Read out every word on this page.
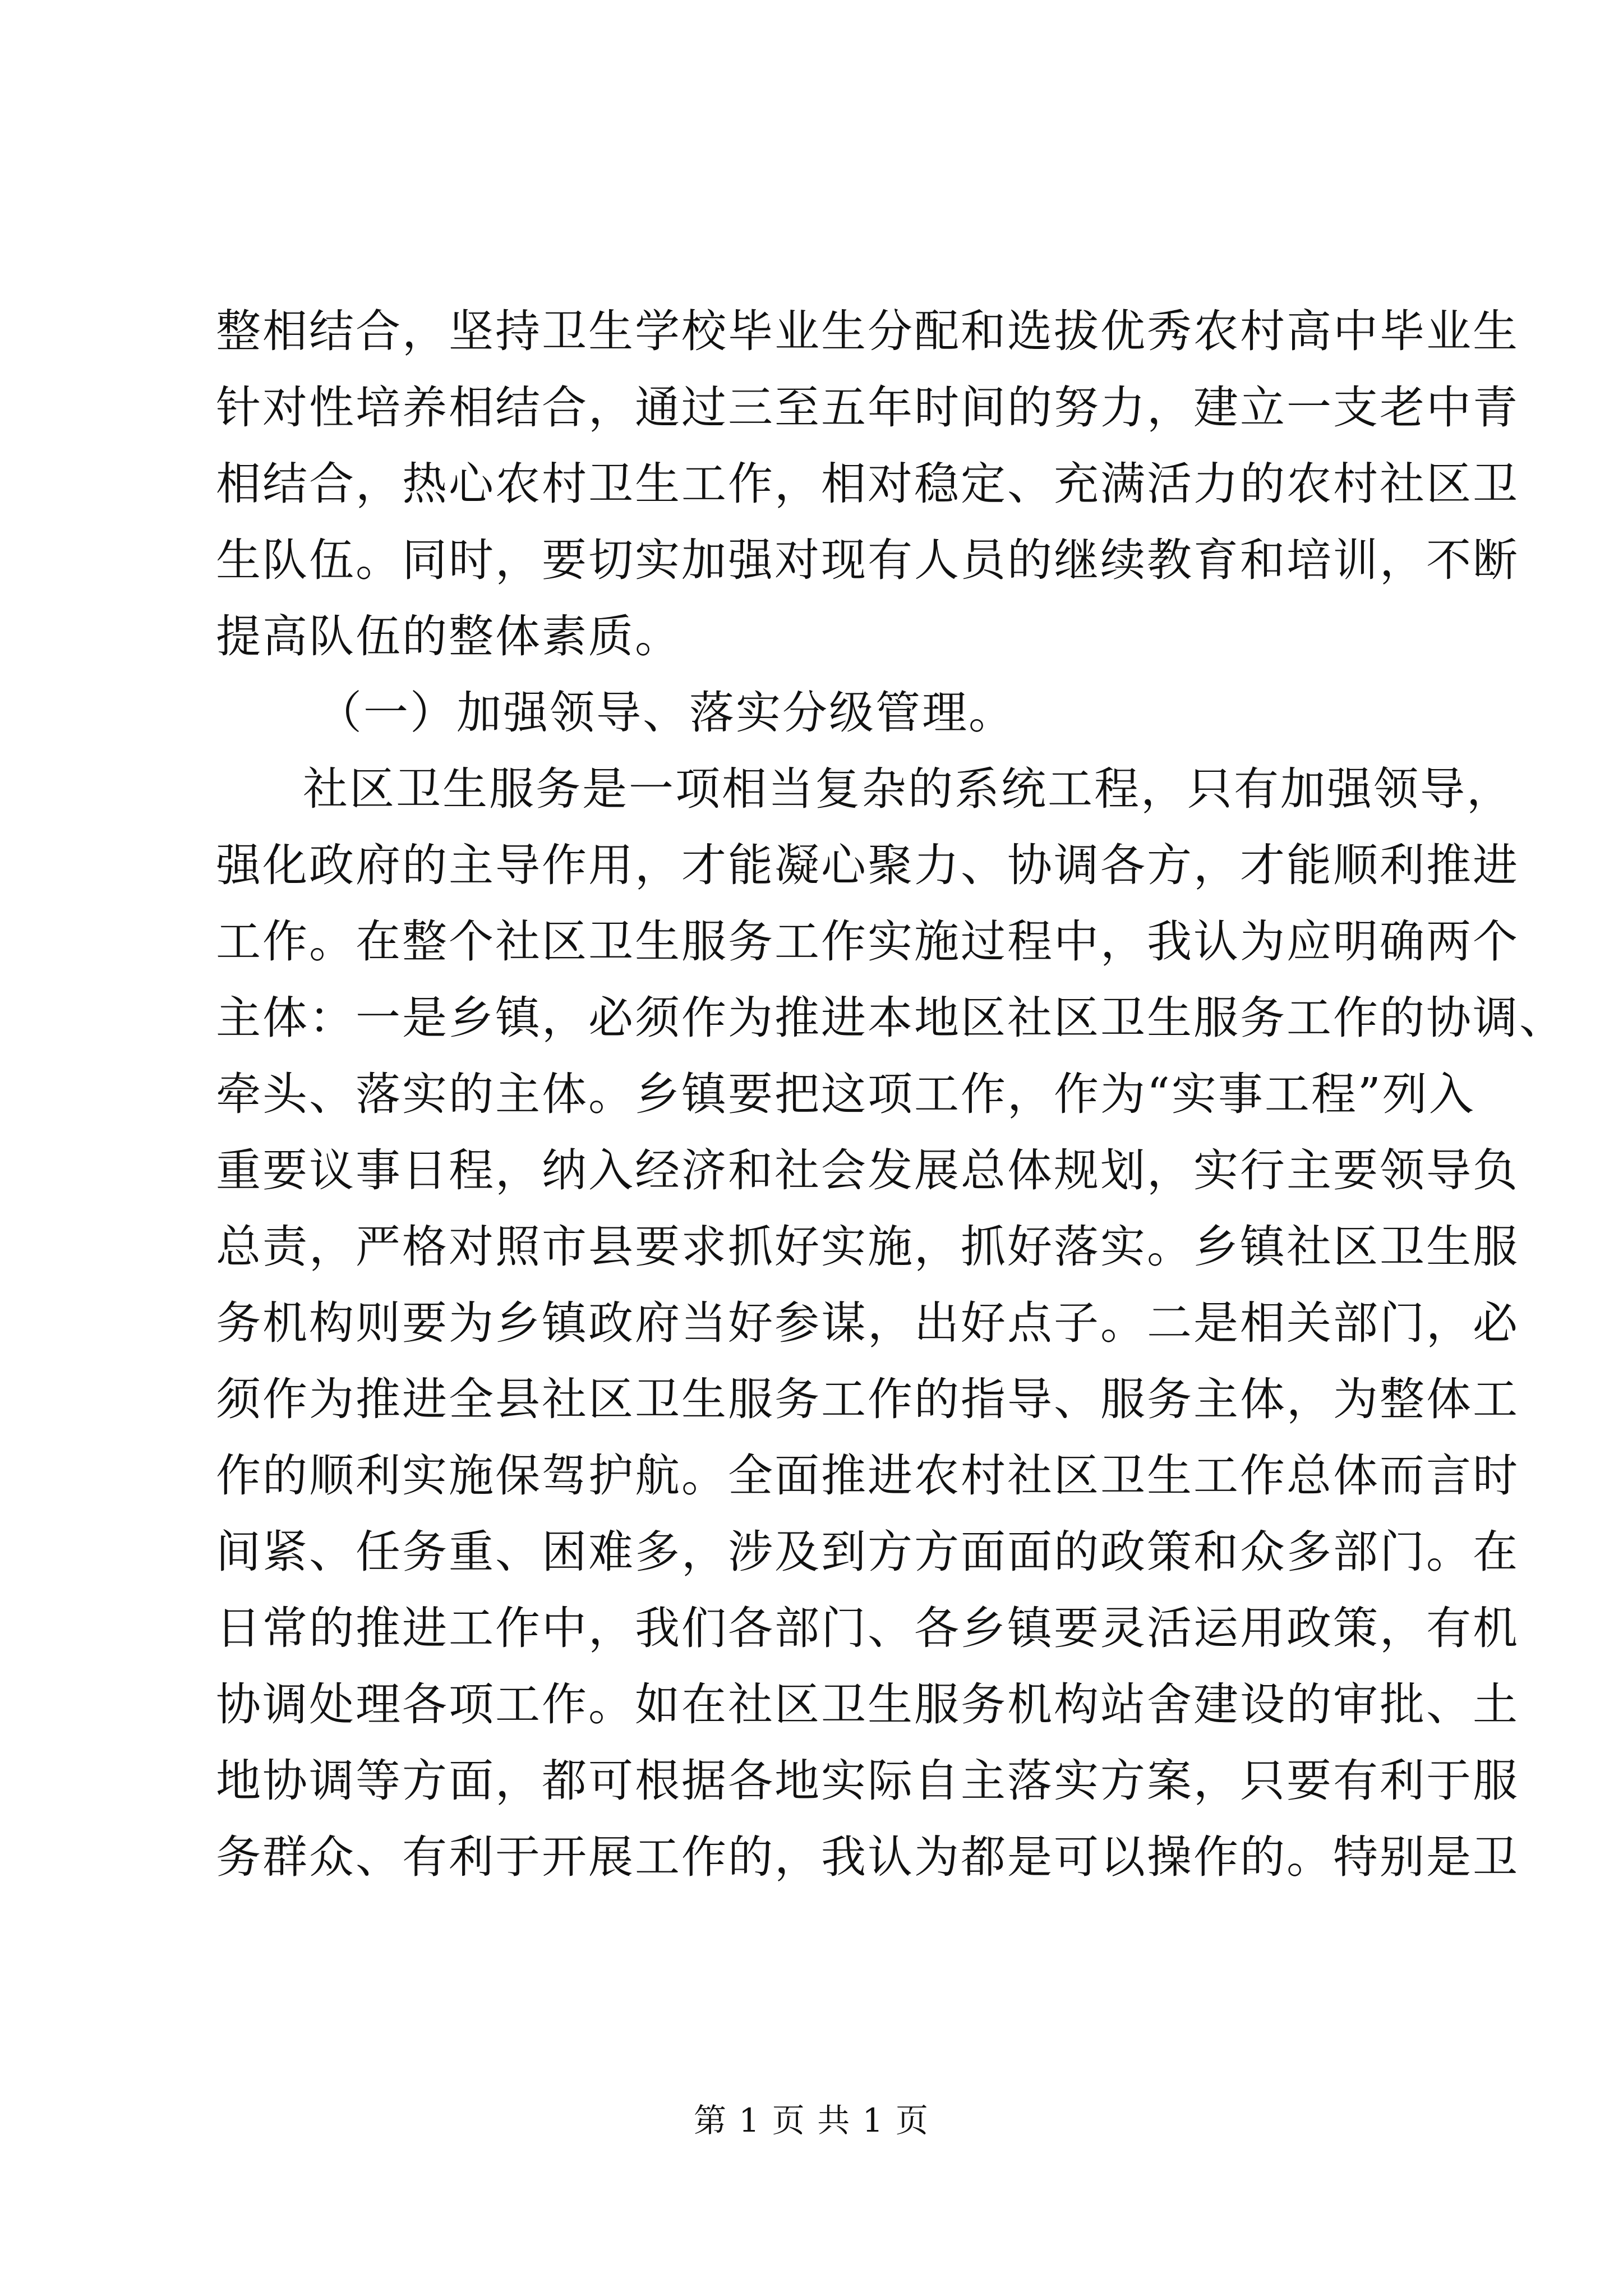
整相结合，坚持卫生学校毕业生分配和选拔优秀农村高中毕业生
针对性培养相结合，通过三至五年时间的努力，建立一支老中青
相结合，热心农村卫生工作，相对稳定、充满活力的农村社区卫
生队伍。同时，要切实加强对现有人员的继续教育和培训，不断
提高队伍的整体素质。
（一）加强领导、落实分级管理。
社区卫生服务是一项相当复杂的系统工程，只有加强领导，
强化政府的主导作用，才能凝心聚力、协调各方，才能顺利推进
工作。在整个社区卫生服务工作实施过程中，我认为应明确两个
主体：一是乡镇，必须作为推进本地区社区卫生服务工作的协调、
牵头、落实的主体。乡镇要把这项工作，作为“实事工程”列入
重要议事日程，纳入经济和社会发展总体规划，实行主要领导负
总责，严格对照市县要求抓好实施，抓好落实。乡镇社区卫生服
务机构则要为乡镇政府当好参谋，出好点子。二是相关部门，必
须作为推进全县社区卫生服务工作的指导、服务主体，为整体工
作的顺利实施保驾护航。全面推进农村社区卫生工作总体而言时
间紧、任务重、困难多，涉及到方方面面的政策和众多部门。在
日常的推进工作中，我们各部门、各乡镇要灵活运用政策，有机
协调处理各项工作。如在社区卫生服务机构站舍建设的审批、土
地协调等方面，都可根据各地实际自主落实方案，只要有利于服
务群众、有利于开展工作的，我认为都是可以操作的。特别是卫
第 1 页 共 1 页
